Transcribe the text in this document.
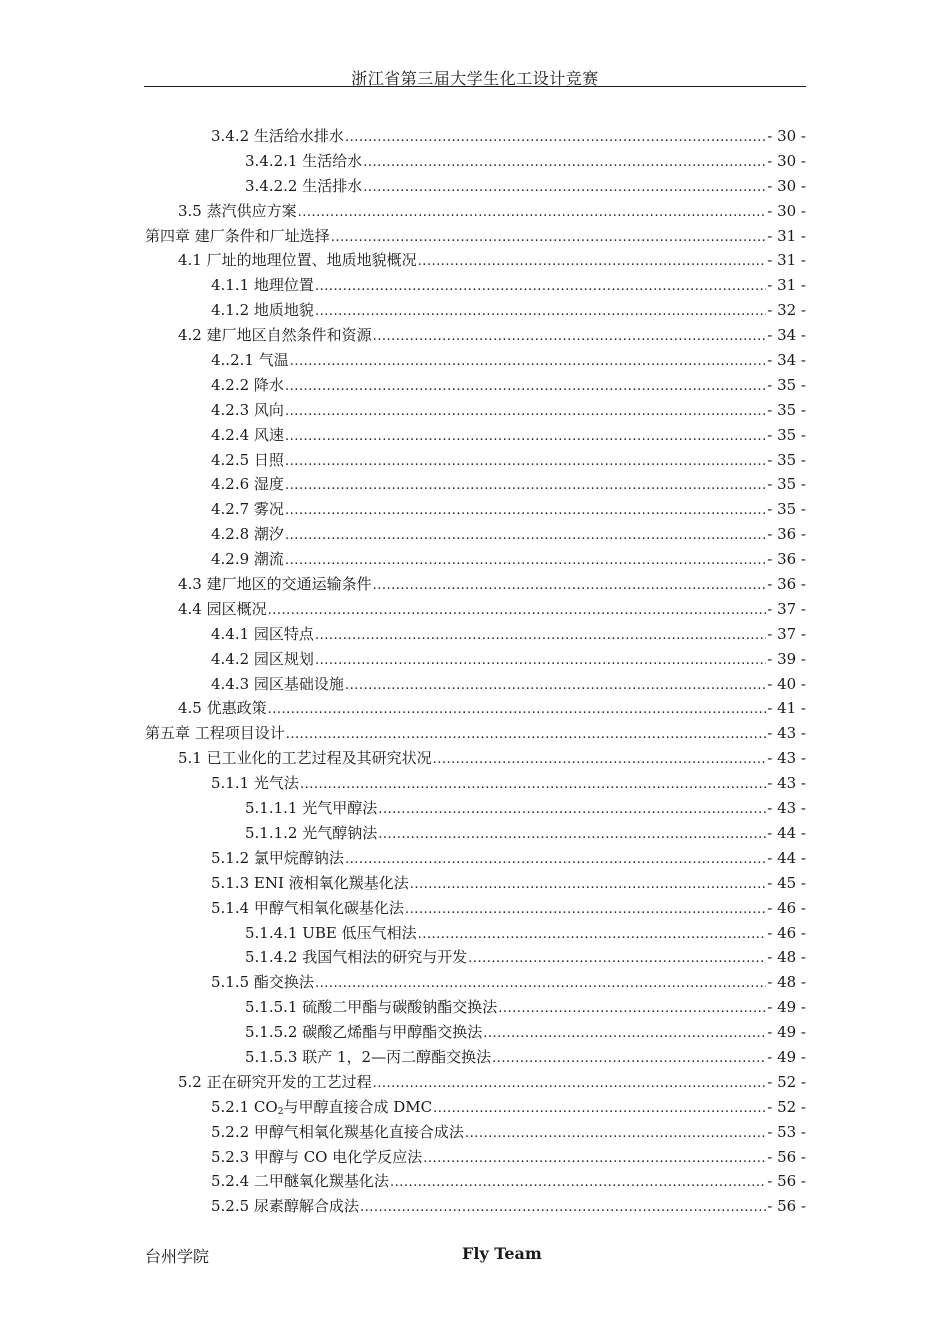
浙江省第三届大学生化工设计竞赛
3.4.2 生活给水排水 .....	- 30 -
3.4.2.1 生活给水 .....	- 30 -
3.4.2.2 生活排水 .....	- 30 -
3.5 蒸汽供应方案 .....	- 30 -
第四章 建厂条件和厂址选择 .....	- 31 -
4.1 厂址的地理位置、地质地貌概况 .....	- 31 -
4.1.1 地理位置 .....	- 31 -
4.1.2 地质地貌 .....	- 32 -
4.2 建厂地区自然条件和资源 .....	- 34 -
4..2.1 气温 .....	- 34 -
4.2.2 降水 .....	- 35 -
4.2.3 风向 .....	- 35 -
4.2.4 风速 .....	- 35 -
4.2.5 日照 .....	- 35 -
4.2.6 湿度 .....	- 35 -
4.2.7 雾况 .....	- 35 -
4.2.8 潮汐 .....	- 36 -
4.2.9 潮流 .....	- 36 -
4.3 建厂地区的交通运输条件 .....	- 36 -
4.4 园区概况 .....	- 37 -
4.4.1 园区特点 .....	- 37 -
4.4.2 园区规划 .....	- 39 -
4.4.3 园区基础设施 .....	- 40 -
4.5 优惠政策 .....	- 41 -
第五章 工程项目设计 .....	- 43 -
5.1 已工业化的工艺过程及其研究状况 .....	- 43 -
5.1.1 光气法 .....	- 43 -
5.1.1.1 光气甲醇法 .....	- 43 -
5.1.1.2 光气醇钠法 .....	- 44 -
5.1.2 氯甲烷醇钠法 .....	- 44 -
5.1.3 ENI 液相氧化羰基化法 .....	- 45 -
5.1.4 甲醇气相氧化碳基化法 .....	- 46 -
5.1.4.1 UBE 低压气相法 .....	- 46 -
5.1.4.2 我国气相法的研究与开发 .....	- 48 -
5.1.5 酯交换法 .....	- 48 -
5.1.5.1 硫酸二甲酯与碳酸钠酯交换法 .....	- 49 -
5.1.5.2 碳酸乙烯酯与甲醇酯交换法 .....	- 49 -
5.1.5.3 联产 1，2—丙二醇酯交换法 .....	- 49 -
5.2 正在研究开发的工艺过程 .....	- 52 -
5.2.1 $CO_2$与甲醇直接合成 DMC .....	- 52 -
5.2.2 甲醇气相氧化羰基化直接合成法 .....	- 53 -
5.2.3 甲醇与 CO 电化学反应法 .....	- 56 -
5.2.4 二甲醚氧化羰基化法 .....	- 56 -
5.2.5 尿素醇解合成法 .....	- 56 -
台州学院	Fly Team
